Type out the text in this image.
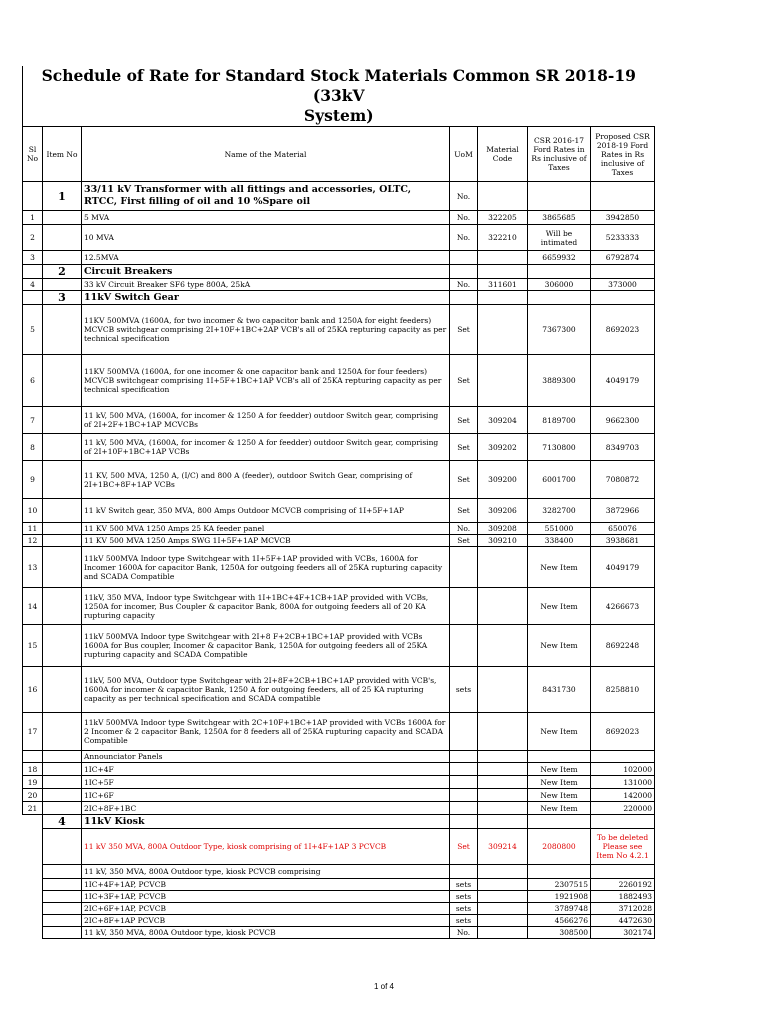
Schedule of Rate for Standard Stock Materials Common SR 2018-19 (33kV
System)						

Sl No	Item No	Name of the Material	UoM	Material Code	CSR 2016-17 Ford Rates in Rs inclusive of Taxes	Proposed CSR 2018-19 Ford Rates in Rs inclusive of Taxes
	1	33/11 kV Transformer with all fittings and accessories, OLTC, RTCC, First filling of oil and 10 %Spare oil	No.			
1		5 MVA	No.	322205	3865685	3942850
2		10 MVA	No.	322210	Will be intimated	5233333
3		12.5MVA			6659932	6792874
	2	Circuit Breakers				
4		33 kV Circuit Breaker SF6 type 800A, 25kA	No.	311601	306000	373000
	3	11kV Switch Gear				
5		11KV 500MVA (1600A, for two incomer & two capacitor bank and 1250A for eight feeders) MCVCB switchgear comprising 2I+10F+1BC+2AP VCB's all of 25KA repturing capacity as per technical specification	Set		7367300	8692023
6		11KV 500MVA (1600A, for one incomer & one capacitor bank and 1250A for four feeders) MCVCB switchgear comprising 1I+5F+1BC+1AP VCB's all of 25KA repturing capacity as per technical specification	Set		3889300	4049179
7		11 kV, 500 MVA, (1600A, for incomer & 1250 A for feedder) outdoor Switch gear, comprising of 2I+2F+1BC+1AP MCVCBs	Set	309204	8189700	9662300
8		11 kV, 500 MVA, (1600A, for incomer & 1250 A for feedder) outdoor Switch gear, comprising of 2I+10F+1BC+1AP VCBs	Set	309202	7130800	8349703
9		11 KV, 500 MVA, 1250 A, (I/C) and 800 A (feeder), outdoor Switch Gear, comprising of 2I+1BC+8F+1AP VCBs	Set	309200	6001700	7080872
10		11 kV Switch gear, 350 MVA, 800 Amps Outdoor MCVCB comprising of 1I+5F+1AP	Set	309206	3282700	3872966
11		11 KV 500 MVA 1250 Amps 25 KA feeder panel	No.	309208	551000	650076
12		11 KV 500 MVA 1250 Amps SWG 1I+5F+1AP MCVCB	Set	309210	338400	3938681
13		11kV 500MVA Indoor type Switchgear with 1I+5F+1AP provided with VCBs, 1600A for Incomer 1600A for capacitor Bank, 1250A for outgoing feeders all of 25KA rupturing capacity and SCADA Compatible			New Item	4049179
14		11kV, 350 MVA, Indoor type Switchgear with 1I+1BC+4F+1CB+1AP provided with VCBs, 1250A for incomer, Bus Coupler & capacitor Bank, 800A for outgoing feeders all of 20 KA rupturing capacity			New Item	4266673
15		11kV 500MVA Indoor type Switchgear with 2I+8 F+2CB+1BC+1AP provided with VCBs 1600A for Bus coupler, Incomer & capacitor Bank, 1250A for outgoing feeders all of 25KA rupturing capacity and SCADA Compatible			New Item	8692248
16		11kV, 500 MVA, Outdoor type Switchgear with 2I+8F+2CB+1BC+1AP provided with VCB's, 1600A for incomer & capacitor Bank, 1250 A for outgoing feeders, all of 25 KA rupturing capacity as per technical specification and SCADA compatible	sets		8431730	8258810
17		11kV 500MVA Indoor type Switchgear with 2C+10F+1BC+1AP provided with VCBs 1600A for 2 Incomer & 2 capacitor Bank, 1250A for 8 feeders all of 25KA rupturing capacity and SCADA Compatible			New Item	8692023
		Announciator Panels				
18		1IC+4F			New Item	102000
19		1IC+5F			New Item	131000
20		1IC+6F			New Item	142000
21		2IC+8F+1BC			New Item	220000
	4	11kV Kiosk				
		11 kV 350 MVA, 800A Outdoor Type, kiosk comprising of 1I+4F+1AP 3 PCVCB	Set	309214	2080800	To be deleted Please see Item No 4.2.1
		11 kV, 350 MVA, 800A Outdoor type, kiosk PCVCB comprising				
		1IC+4F+1AP, PCVCB	sets		2307515	2260192
		1IC+3F+1AP, PCVCB	sets		1921908	1882493
		2IC+6F+1AP, PCVCB	sets		3789748	3712028
		2IC+8F+1AP PCVCB	sets		4566276	4472630
		11 kV, 350 MVA, 800A Outdoor type, kiosk PCVCB	No.		308500	302174
1 of 4
